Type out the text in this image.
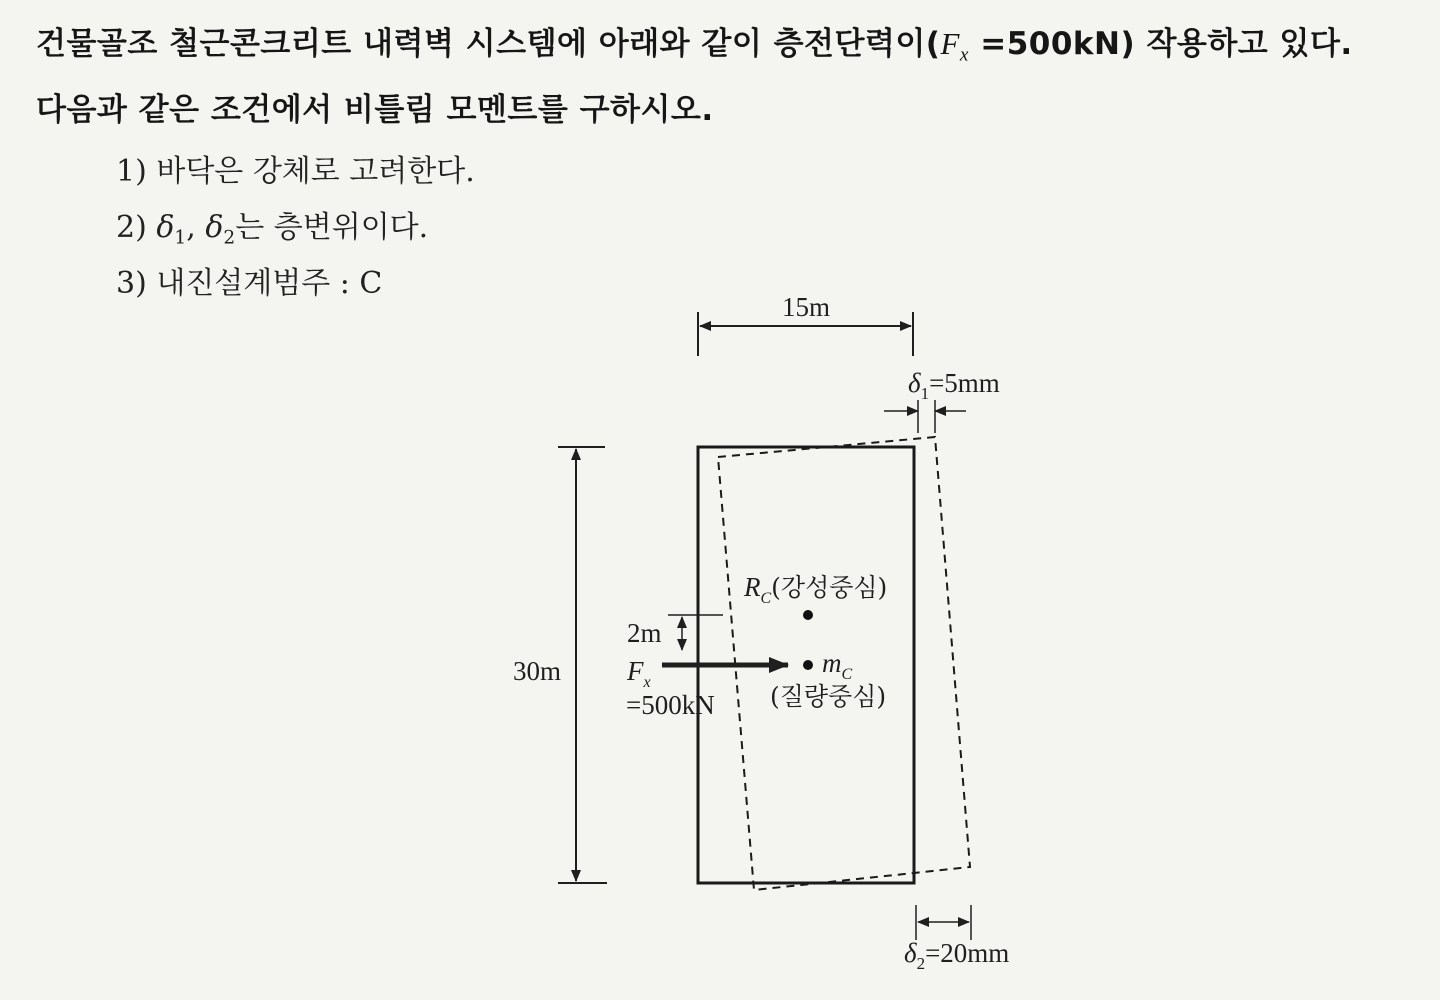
건물골조 철근콘크리트 내력벽 시스템에 아래와 같이 층전단력이$(F_x =500kN)$ 작용하고 있다.
다음과 같은 조건에서 비틀림 모멘트를 구하시오.
1) 바닥은 강체로 고려한다.
2) $\delta_1$, $\delta_2$는 층변위이다.
3) 내진설계범주 : C
15m
30m
$\delta_1=5mm$
$\delta_2=20mm$
2m
$R_C$(강성중심)
$m_C$
(질량중심)
$F_x$
=500kN
